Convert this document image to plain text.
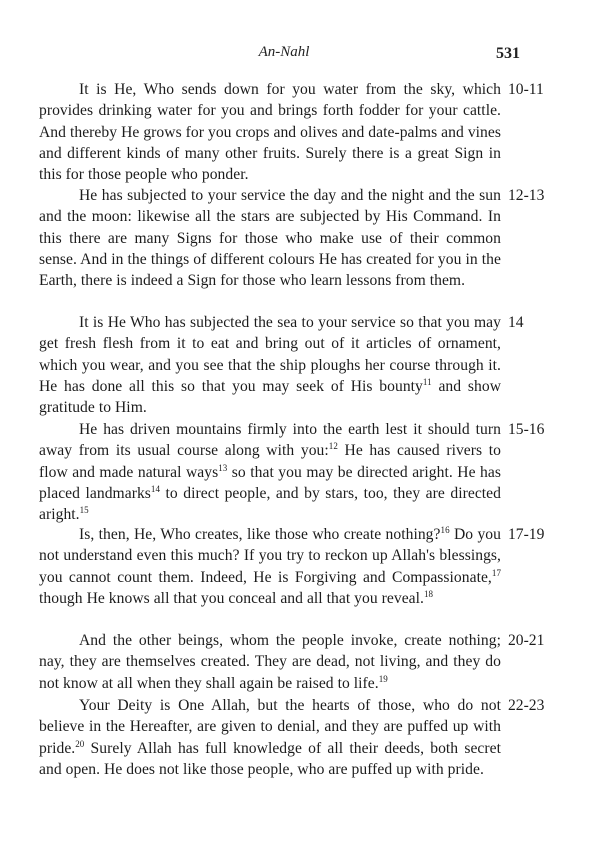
An-Nahl	531

It is He, Who sends down for you water from the sky, which provides drinking water for you and brings forth fodder for your cattle. And thereby He grows for you crops and olives and date-palms and vines and different kinds of many other fruits. Surely there is a great Sign in this for those people who ponder.

10-11

He has subjected to your service the day and the night and the sun and the moon: likewise all the stars are subjected by His Command. In this there are many Signs for those who make use of their common sense. And in the things of different colours He has created for you in the Earth, there is indeed a Sign for those who learn lessons from them.

12-13

It is He Who has subjected the sea to your service so that you may get fresh flesh from it to eat and bring out of it articles of ornament, which you wear, and you see that the ship ploughs her course through it. He has done all this so that you may seek of His bounty$^{11}$ and show gratitude to Him.

14

He has driven mountains firmly into the earth lest it should turn away from its usual course along with you:$^{12}$ He has caused rivers to flow and made natural ways$^{13}$ so that you may be directed aright. He has placed landmarks$^{14}$ to direct people, and by stars, too, they are directed aright.$^{15}$

15-16

Is, then, He, Who creates, like those who create nothing?$^{16}$ Do you not understand even this much? If you try to reckon up Allah's blessings, you cannot count them. Indeed, He is Forgiving and Compassionate,$^{17}$ though He knows all that you conceal and all that you reveal.$^{18}$

17-19

And the other beings, whom the people invoke, create nothing; nay, they are themselves created. They are dead, not living, and they do not know at all when they shall again be raised to life.$^{19}$

20-21

Your Deity is One Allah, but the hearts of those, who do not believe in the Hereafter, are given to denial, and they are puffed up with pride.$^{20}$ Surely Allah has full knowledge of all their deeds, both secret and open. He does not like those people, who are puffed up with pride.

22-23
